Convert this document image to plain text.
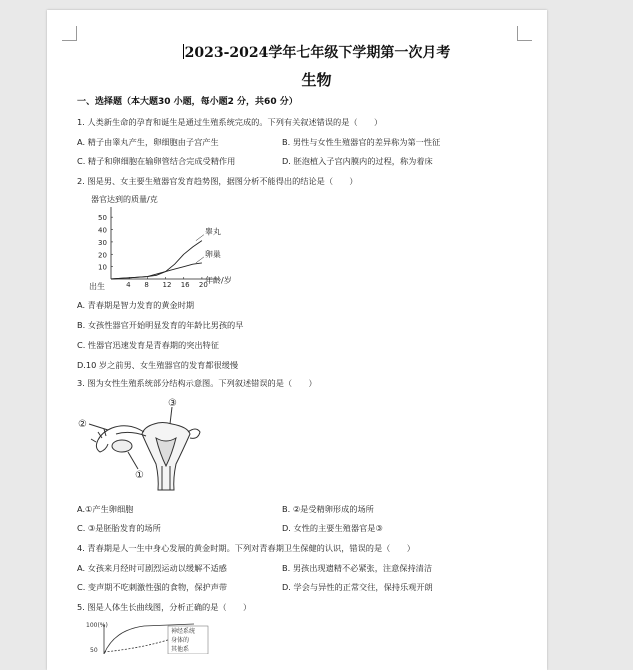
2023-2024学年七年级下学期第一次月考
生物
一、选择题（本大题30 小题，每小题2 分，共60 分）
1. 人类新生命的孕育和诞生是通过生殖系统完成的。下列有关叙述错误的是（　　）
A. 精子由睾丸产生，卵细胞由子宫产生	B. 男性与女性生殖器官的差异称为第一性征
C. 精子和卵细胞在输卵管结合完成受精作用	D. 胚泡植入子宫内膜内的过程，称为着床
2. 图是男、女主要生殖器官发育趋势图，据图分析不能得出的结论是（　　）
器官达到的质量/克
年龄/岁
出生
10
20
30
40
50
4 8 12 16 20
睾丸
卵巢
A. 青春期是智力发育的黄金时期
B. 女孩性器官开始明显发育的年龄比男孩的早
C. 性器官迅速发育是青春期的突出特征
D.10 岁之前男、女生殖器官的发育都很缓慢
3. 图为女性生殖系统部分结构示意图。下列叙述错误的是（　　）
②
①
③
A.①产生卵细胞	B. ②是受精卵形成的场所
C. ③是胚胎发育的场所	D. 女性的主要生殖器官是③
4. 青春期是人一生中身心发展的黄金时期。下列对青春期卫生保健的认识，错误的是（　　）
A. 女孩来月经时可剧烈运动以缓解不适感	B. 男孩出现遗精不必紧张，注意保持清洁
C. 变声期不吃刺激性强的食物，保护声带	D. 学会与异性的正常交往，保持乐观开朗
5. 图是人体生长曲线图，分析正确的是（　　）
100(%)
50
神经系统
身体的
其他系
